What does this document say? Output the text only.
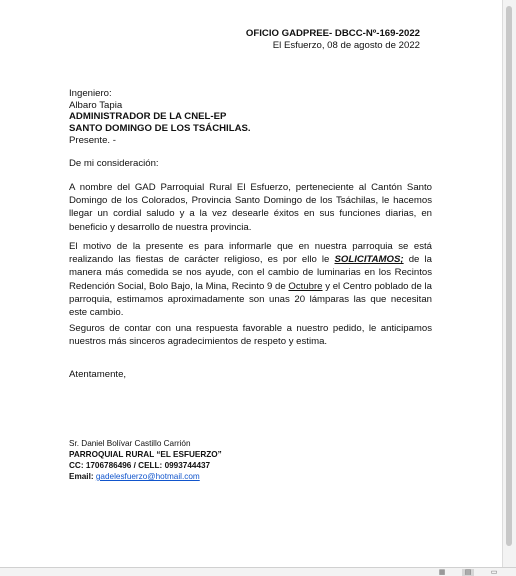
OFICIO GADPREE- DBCC-Nº-169-2022
El Esfuerzo, 08 de agosto de 2022
Ingeniero:
Albaro Tapia
ADMINISTRADOR DE LA CNEL-EP
SANTO DOMINGO DE LOS TSÁCHILAS.
Presente. -
De mi consideración:
A nombre del GAD Parroquial Rural El Esfuerzo, perteneciente al Cantón Santo Domingo de los Colorados, Provincia Santo Domingo de los Tsáchilas, le hacemos llegar un cordial saludo y a la vez desearle éxitos en sus funciones diarias, en beneficio y desarrollo de nuestra provincia.
El motivo de la presente es para informarle que en nuestra parroquia se está realizando las fiestas de carácter religioso, es por ello le SOLICITAMOS; de la manera más comedida se nos ayude, con el cambio de luminarias en los Recintos Redención Social, Bolo Bajo, la Mina, Recinto 9 de Octubre y el Centro poblado de la parroquia, estimamos aproximadamente son unas 20 lámparas las que necesitan este cambio.
Seguros de contar con una respuesta favorable a nuestro pedido, le anticipamos nuestros más sinceros agradecimientos de respeto y estima.
Atentamente,
Sr. Daniel Bolívar Castillo Carrión
PARROQUIAL RURAL “EL ESFUERZO”
CC: 1706786496 / CELL: 0993744437
Email: gadelesfuerzo@hotmail.com
▦	▤	▭
